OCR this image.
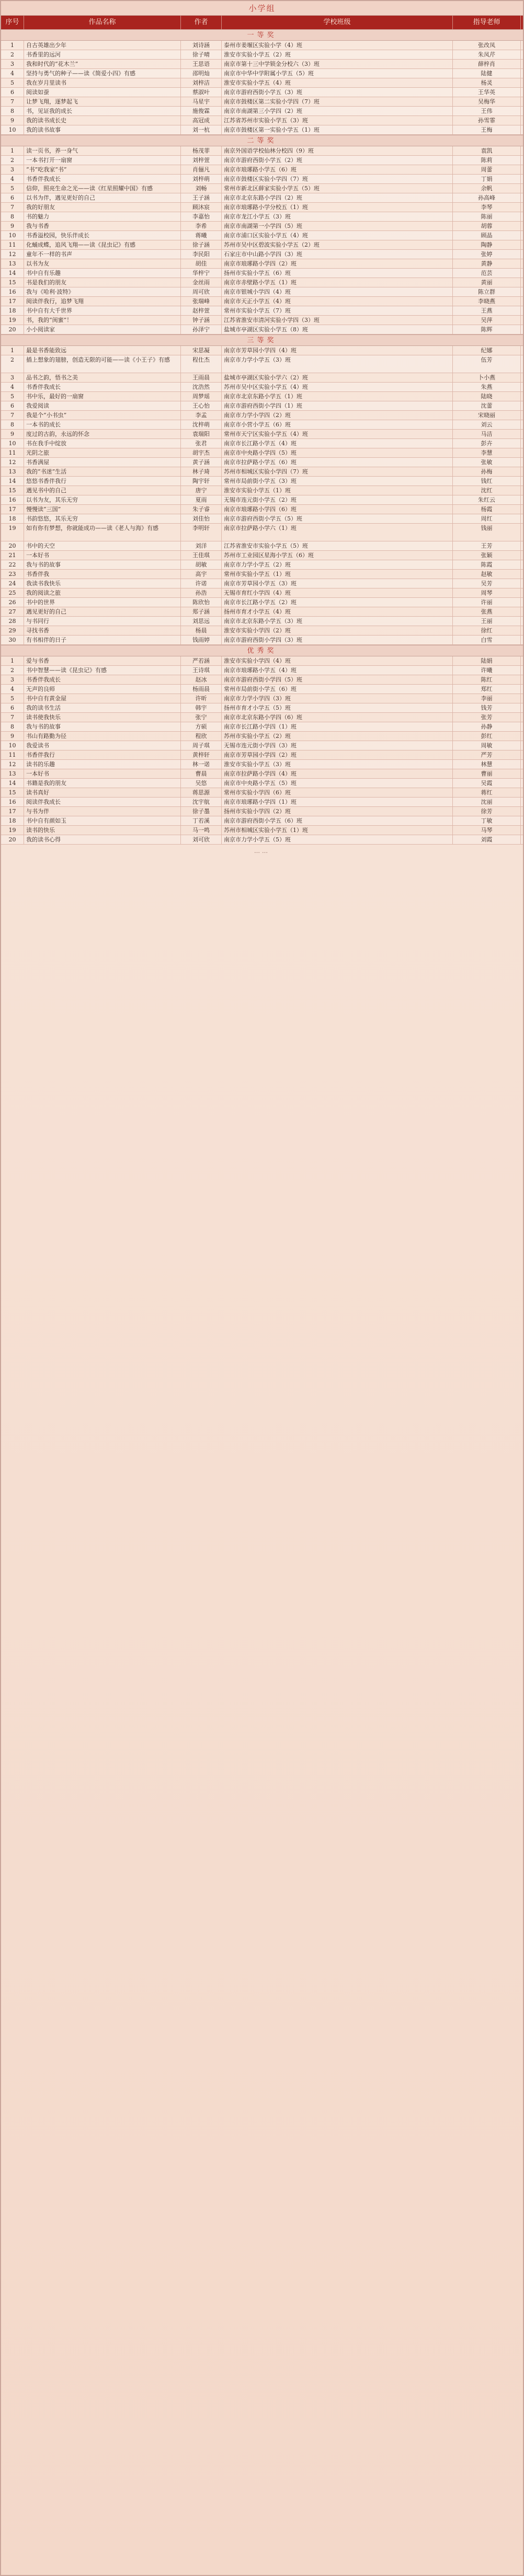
小学组
序号	作品名称	作者	学校班级	指导老师
一等奖
1	自古英雄出少年	刘诗涵	泰州市姜堰区实验小学（4）班	张改凤
2	书香里的远河	徐子晴	淮安市实验小学五（2）班	朱凤芹
3	我和时代的“花木兰”	王思语	南京市第十三中学锁金分校六（3）班	薛梓肖
4	坚持与勇气的种子——读《简爱小四》有感	邵明灿	南京市中华中学附属小学五（5）班	陆健
5	我在岁月里读书	刘梓洁	淮安市实验小学五（4）班	杨灵
6	阅读如蚕	蔡淑叶	南京市游府西街小学五（3）班	王华英
7	让梦飞翔，逐梦起飞	马星宇	南京市鼓楼区第二实验小学四（7）班	吴梅华
8	书，见证我的成长	施俊霖	南京市南湖第三小学四（2）班	王伟
9	我的读书成长史	高冠成	江苏省苏州市实验小学五（3）班	孙雪霏
10	我的读书故事	刘一杭	南京市鼓楼区第一实验小学五（1）班	王梅
二等奖
1	读一页书，养一身气	杨茂菲	南京外国语学校仙林分校四（9）班	袁凯
2	一本书打开一扇窗	刘梓萱	南京市游府西街小学五（2）班	陈莉
3	“书”吃我家“书”	肖俪凡	南京市琅琊路小学五（6）班	周蕾
4	书香伴我成长	刘梓萌	南京市鼓楼区实验小学四（7）班	丁娟
5	信仰，照亮生命之光——读《红星照耀中国》有感	刘畅	常州市新北区薛家实验小学五（5）班	余帆
6	以书为伴，遇见更好的自己	王子涵	南京市北京东路小学四（2）班	孙高峰
7	我的好朋友	顾沐宸	南京市琅琊路小学分校五（1）班	李琴
8	书的魅力	李嘉怡	南京市龙江小学五（3）班	陈丽
9	我与书香	李希	南京市南湖第一小学四（5）班	胡蓉
10	书香溢校园，快乐伴成长	蒋曦	南京市浦口区实验小学五（4）班	顾晶
11	化蛹成蝶，追风飞翔——读《昆虫记》有感	徐子涵	苏州市吴中区碧波实验小学五（2）班	陶静
12	童年不一样的书声	李民阳	石家庄市中山路小学四（3）班	张婷
13	以书为友	胡佳	南京市琅琊路小学四（2）班	黄静
14	书中自有乐趣	华梓宁	扬州市实验小学五（6）班	范芸
15	书是我们的朋友	金丝雨	南京市赤壁路小学五（1）班	黄丽
16	我与《哈利·波特》	周可欣	南京市银城小学四（4）班	陈立群
17	阅读伴我行，追梦飞翔	张瑞峰	南京市天正小学五（4）班	李晓燕
18	书中自有大千世界	赵梓萱	常州市实验小学五（7）班	王燕
19	书，我的“闺蜜”！	钟子涵	江苏省淮安市清河实验小学四（3）班	吴萍
20	小小阅读家	孙泽宁	盐城市亭湖区实验小学五（8）班	陈辉
三等奖
1	最是书香能致远	宋思凝	南京市芳草园小学四（4）班	纪娜
2	插上想象的翅膀，创造无限的可能——读《小王子》有感	程仕杰	南京市力学小学五（3）班	伍芳
3	品书之韵，悟书之美	王雨晨	盐城市亭湖区实验小学六（2）班	卜小燕
4	书香伴我成长	沈浩然	苏州市吴中区实验小学五（4）班	朱燕
5	书中乐，最好的一扇窗	周梦瑶	南京市北京东路小学五（1）班	陆晓
6	我爱阅读	王心怡	南京市游府西街小学四（1）班	沈蕾
7	我是个“小书虫”	李孟	南京市力学小学四（2）班	宋晓丽
8	一本书的成长	沈梓萌	南京市小营小学五（6）班	刘云
9	度过的古韵，永远的怀念	袁瑞阳	常州市天宁区实验小学五（4）班	马洁
10	书在我手中绽放	张君	南京市长江路小学五（4）班	彭卉
11	光阴之旅	胡宇杰	南京市中央路小学四（5）班	李慧
12	书香满屋	黄子涵	南京市拉萨路小学五（6）班	张敏
13	我的“书迷”生活	林子琦	苏州市相城区实验小学四（7）班	孙梅
14	悠悠书香伴我行	陶宇轩	常州市局前街小学五（3）班	钱红
15	遇见书中的自己	唐宁	淮安市实验小学五（1）班	沈红
16	以书为友，其乐无穷	夏雨	无锡市连元街小学五（2）班	朱红云
17	慢慢读“三国”	朱子睿	南京市琅琊路小学四（6）班	杨霞
18	书韵悠悠，其乐无穷	刘佳怡	南京市游府西街小学五（5）班	周红
19	如有你有梦想，你就能成功——读《老人与海》有感	李明轩	南京市拉萨路小学六（1）班	钱丽
20	书中的天空	刘洋	江苏省淮安市实验小学五（5）班	王芳
21	一本好书	王佳琪	苏州市工业园区星海小学五（6）班	张颖
22	我与书的故事	胡敏	南京市力学小学五（2）班	陈霞
23	书香伴我	高宇	常州市实验小学五（1）班	赵敏
24	我读书我快乐	许诺	南京市芳草园小学五（3）班	吴芳
25	我的阅读之旅	孙浩	无锡市育红小学四（4）班	周琴
26	书中的世界	陈欣怡	南京市长江路小学五（2）班	许丽
27	遇见更好的自己	郑子涵	扬州市育才小学五（4）班	张燕
28	与书同行	刘思远	南京市北京东路小学五（3）班	王丽
29	寻找书香	杨晨	淮安市实验小学四（2）班	徐红
30	有书相伴的日子	钱雨婷	南京市游府西街小学四（3）班	白雪
优秀奖
1	爱与书香	严若涵	淮安市实验小学四（4）班	陆娟
2	书中智慧——读《昆虫记》有感	王诗琪	南京市琅琊路小学五（4）班	许曦
3	书香伴我成长	赵冰	南京市游府西街小学四（5）班	陈红
4	无声的良师	杨雨晨	常州市局前街小学五（6）班	郑红
5	书中自有黄金屋	许昕	南京市力学小学四（3）班	李丽
6	我的读书生活	韩宇	扬州市育才小学五（5）班	钱芳
7	读书使我快乐	张宁	南京市北京东路小学四（6）班	张芳
8	我与书的故事	方硕	南京市长江路小学四（1）班	孙静
9	书山有路勤为径	程欣	苏州市实验小学五（2）班	彭红
10	我爱读书	周子琪	无锡市连元街小学四（3）班	周敏
11	书香伴我行	黄梓轩	南京市芳草园小学四（2）班	严芳
12	读书的乐趣	林一诺	淮安市实验小学五（3）班	林慧
13	一本好书	曹晨	南京市拉萨路小学四（4）班	曹丽
14	书籍是我的朋友	吴悠	南京市中央路小学五（5）班	吴霞
15	读书真好	蒋思源	常州市实验小学四（6）班	蒋红
16	阅读伴我成长	沈宇航	南京市琅琊路小学四（1）班	沈丽
17	与书为伴	徐子墨	扬州市实验小学四（2）班	徐芳
18	书中自有颜如玉	丁若溪	南京市游府西街小学五（6）班	丁敏
19	读书的快乐	马一鸣	苏州市相城区实验小学五（1）班	马琴
20	我的读书心得	刘可欣	南京市力学小学五（5）班	刘霞
……
